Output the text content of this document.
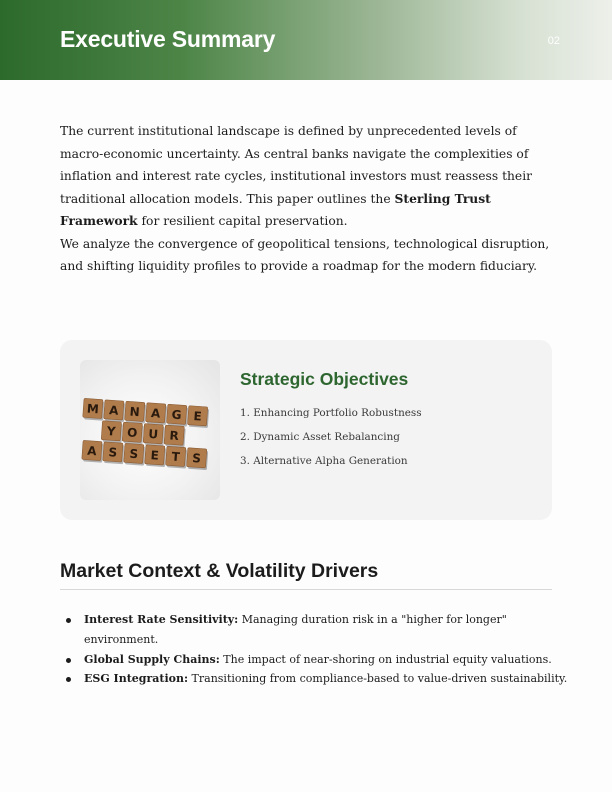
Executive Summary	02

The current institutional landscape is defined by unprecedented levels of macro-economic uncertainty. As central banks navigate the complexities of inflation and interest rate cycles, institutional investors must reassess their traditional allocation models. This paper outlines the Sterling Trust Framework for resilient capital preservation.

We analyze the convergence of geopolitical tensions, technological disruption, and shifting liquidity profiles to provide a roadmap for the modern fiduciary.

M A N A G E
Y O U R
A S S E T S
Strategic Objectives
1. Enhancing Portfolio Robustness
2. Dynamic Asset Rebalancing
3. Alternative Alpha Generation
Market Context & Volatility Drivers
Interest Rate Sensitivity: Managing duration risk in a "higher for longer" environment.
Global Supply Chains: The impact of near-shoring on industrial equity valuations.
ESG Integration: Transitioning from compliance-based to value-driven sustainability.
